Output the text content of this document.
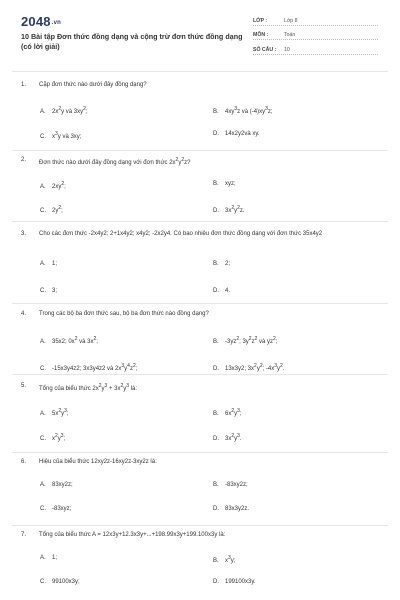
2048.vn
10 Bài tập Đơn thức đồng dạng và cộng trừ đơn thức đồng dạng (có lời giải)
LỚP :	Lớp 8
MÔN :	Toán
SỐ CÂU : 10
1.	Cặp đơn thức nào dưới đây đồng dạng?
A. $2x^2y$ và $3xy^2$;	B. $4xy^3z$ và $(-4)xy^3z$;
C. $x^3y$ và 3xy;	D. 14x2y2và xy.
2.	Đơn thức nào dưới đây đồng dạng với đơn thức $2x^2y^2z$?
A. $2xy^2$;	B. xyz;
C. $2y^2$;	D. $3x^2y^2z$.
3.	Cho các đơn thức -2x4y2; 2+1x4y2; x4y2; -2x2y4. Có bao nhiêu đơn thức đồng dạng với đơn thức 35x4y2
A. 1;	B. 2;
C. 3;	D. 4.
4.	Trong các bộ ba đơn thức sau, bộ ba đơn thức nào đồng dạng?
A. 35x2; $0x^2$ và $3x^2$;	B. $-3yz^2$; $3y^2z^2$ và $yz^2$;
C. -15x3y4z2; 3x3y4z2 và $2x^3y^4z^2$;	D. 13x3y2; $3x^2y^2$; $-4x^3y^2$.
5.	Tổng của biểu thức $2x^2y^3 + 3x^2y^3$ là:
A. $5x^2y^3$;	B. $6x^2y^3$;
C. $x^2y^3$;	D. $3x^2y^3$.
6.	Hiệu của biểu thức 12xy2z-16xy2z-3xy2z là:
A. 83xy2z;	B. -83xy2z;
C. -83xyz;	D. 83x3y2z.
7.	Tổng của biểu thức A = 12x3y+12.3x3y+...+198.99x3y+199.100x3y là:
A. 1;	B. $x^3y$;
C. 99100x3y;	D. 199100x3y.
